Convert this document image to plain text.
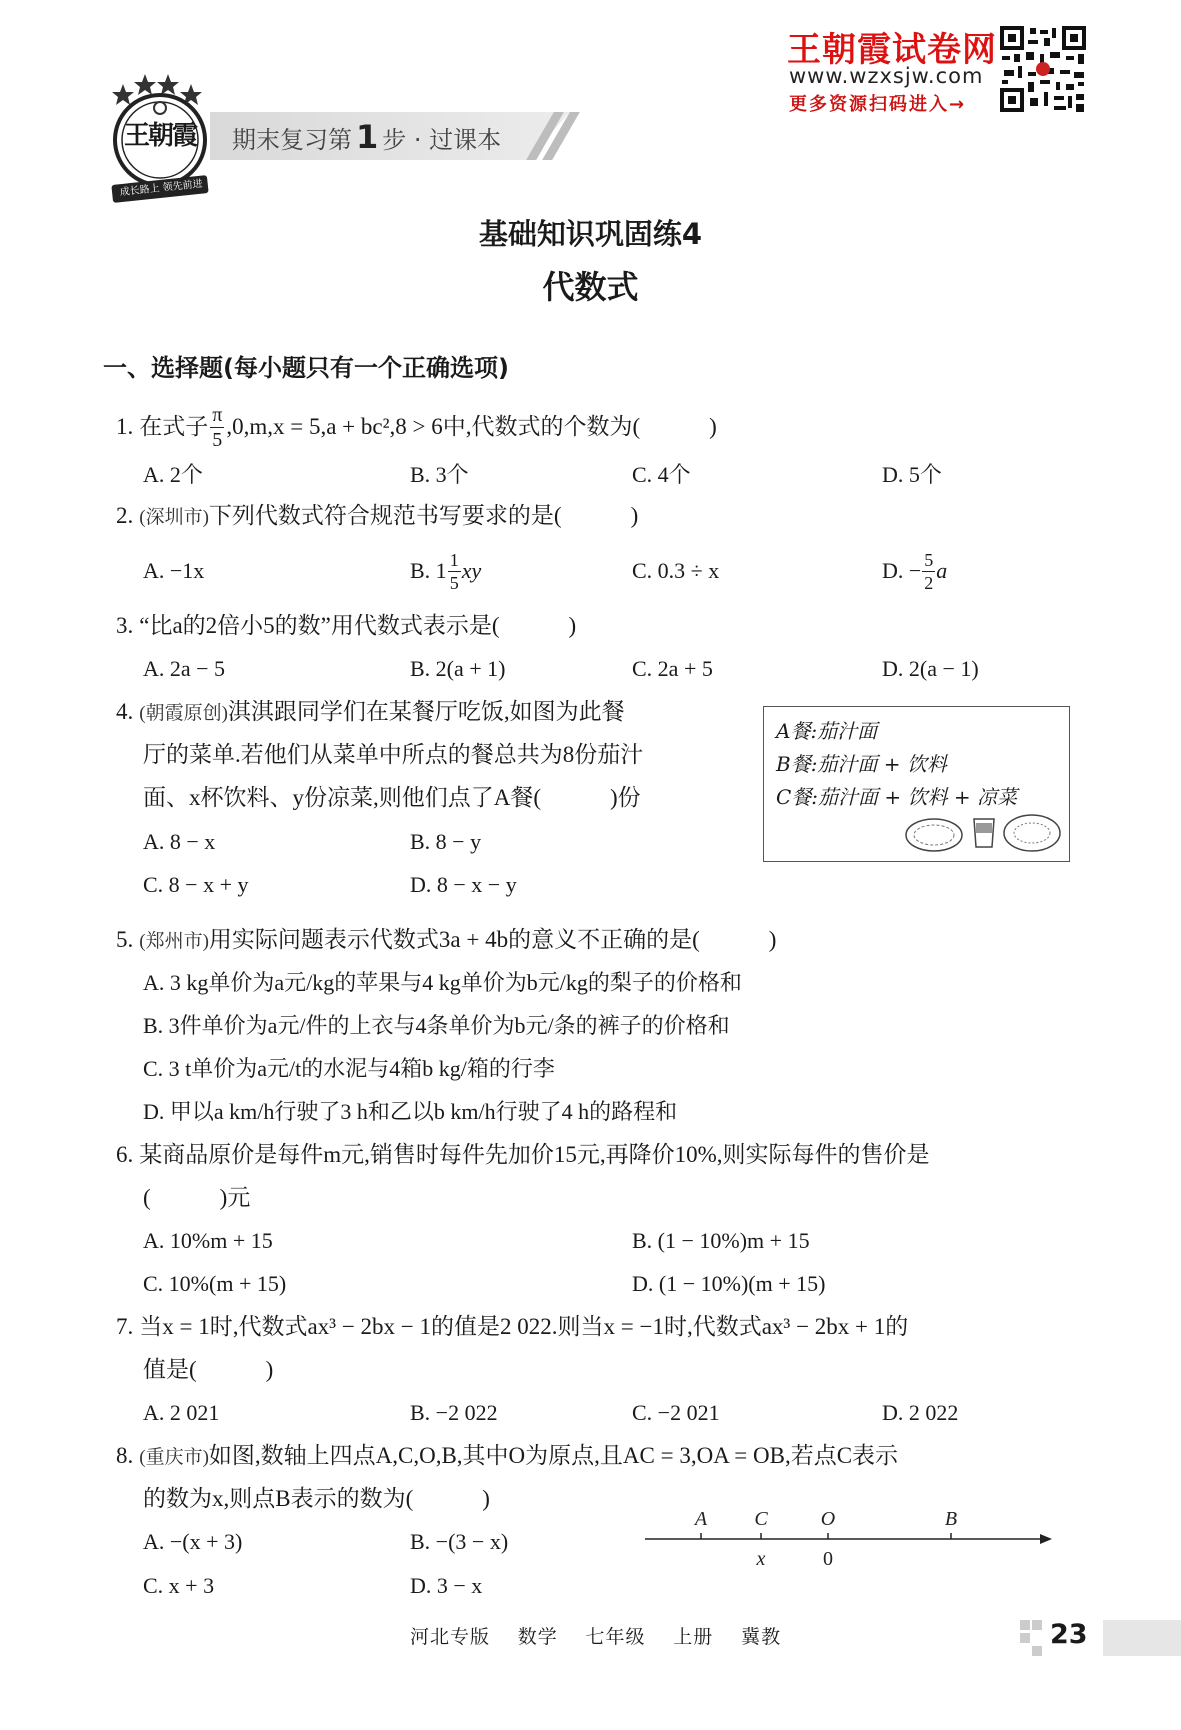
王朝霞
成长路上 领先前进
期末复习第 1 步 · 过课本
王朝霞试卷网
www.wzxsjw.com
更多资源扫码进入→
基础知识巩固练4
代数式
一、选择题(每小题只有一个正确选项)
1. 在式子 $\frac{\pi}{5} ,0,m,x = 5,a + bc^2,8 > 6$中,代数式的个数为(　　　)
A. 2个	B. 3个	C. 4个	D. 5个
2. (深圳市)下列代数式符合规范书写要求的是(　　　)
A. −1x	B. $1 \frac{1}{5}$ xy	C. 0.3 ÷ x	D. − $\frac{5}{2}$ a
3. “比a的2倍小5的数”用代数式表示是(　　　)
A. 2a − 5	B. 2(a + 1)	C. 2a + 5	D. 2(a − 1)
4. (朝霞原创)淇淇跟同学们在某餐厅吃饭,如图为此餐
厅的菜单.若他们从菜单中所点的餐总共为8份茄汁
面、x杯饮料、y份凉菜,则他们点了A餐(　　　)份
A. 8 − x	B. 8 − y
C. 8 − x + y	D. 8 − x − y
A餐:茄汁面
B餐:茄汁面 + 饮料
C餐:茄汁面 + 饮料 + 凉菜
5. (郑州市)用实际问题表示代数式3a + 4b的意义不正确的是(　　　)
A. 3 kg单价为a元/kg的苹果与4 kg单价为b元/kg的梨子的价格和
B. 3件单价为a元/件的上衣与4条单价为b元/条的裤子的价格和
C. 3 t单价为a元/t的水泥与4箱b kg/箱的行李
D. 甲以a km/h行驶了3 h和乙以b km/h行驶了4 h的路程和
6. 某商品原价是每件m元,销售时每件先加价15元,再降价10%,则实际每件的售价是
(　　　)元
A. 10%m + 15	B. (1 − 10%)m + 15
C. 10%(m + 15)	D. (1 − 10%)(m + 15)
7. 当x = 1时,代数式ax³ − 2bx − 1的值是2 022.则当x = −1时,代数式ax³ − 2bx + 1的
值是(　　　)
A. 2 021	B. −2 022	C. −2 021	D. 2 022
8. (重庆市)如图,数轴上四点A,C,O,B,其中O为原点,且AC = 3,OA = OB,若点C表示
的数为x,则点B表示的数为(　　　)
A. −(x + 3)	B. −(3 − x)
C. x + 3	D. 3 − x
A C	O	B
x	0
河北专版 数学 七年级 上册 冀教	23
